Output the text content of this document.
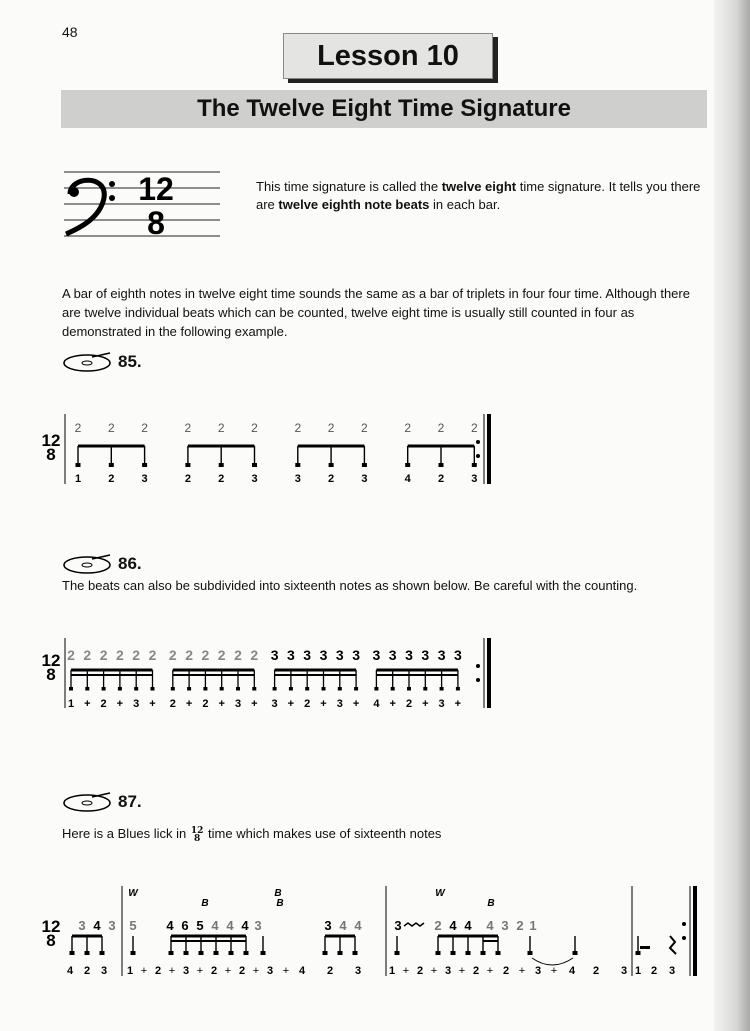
48
Lesson 10
The Twelve Eight Time Signature
12
8
This time signature is called the twelve eight time signature. It tells you there are twelve eighth note beats in each bar.
A bar of eighth notes in twelve eight time sounds the same as a bar of triplets in four four time. Although there are twelve individual beats which can be counted, twelve eight time is usually still counted in four as demonstrated in the following example.
85.
12
8
2
1
2
2
2
3
2
2
2
2
2
3
2
3
2
2
2
3
2
4
2
2
2
3
86.
The beats can also be subdivided into sixteenth notes as shown below. Be careful with the counting.
12
8
2
1
2
+
2
2
2
+
2
3
2
+
2
2
2
+
2
2
2
+
2
3
2
+
3
3
3
+
3
2
3
+
3
3
3
+
3
4
3
+
3
2
3
+
3
3
3
+
87.
Here is a Blues lick in 12
8 time which makes use of sixteenth notes
12
8
3 4 3 5 4 6 5 4 4 4 3	3 4 4	3	2 4 4 4 3 2 1
W
B
B	W
B
B
4 2 3 1 + 2 + 3 + 2 + 2 + 3 + 4 2 3	1 + 2 + 3 + 2 + 2 + 3 + 4 2 3 1 2 3
